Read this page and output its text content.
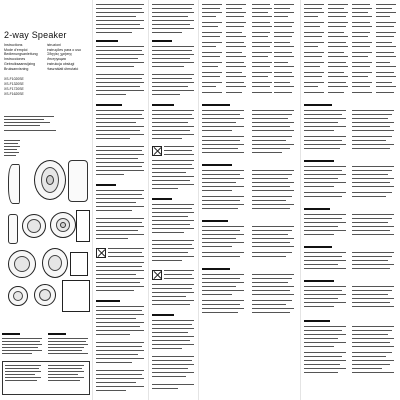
2-way Speaker
Instructions	Istruzioni
Mode d’emploi	Instruções para o uso
Bedienungsanleitung	Οδηγίες χρήσης
Instrucciones	Инструкция
Gebruiksaanwijzing	Instrukcja obsługi
Bruksanvisning	Használati útmutató
XS-F1020SE
XS-F1320SE
XS-F1720SE
XS-F1620SE
